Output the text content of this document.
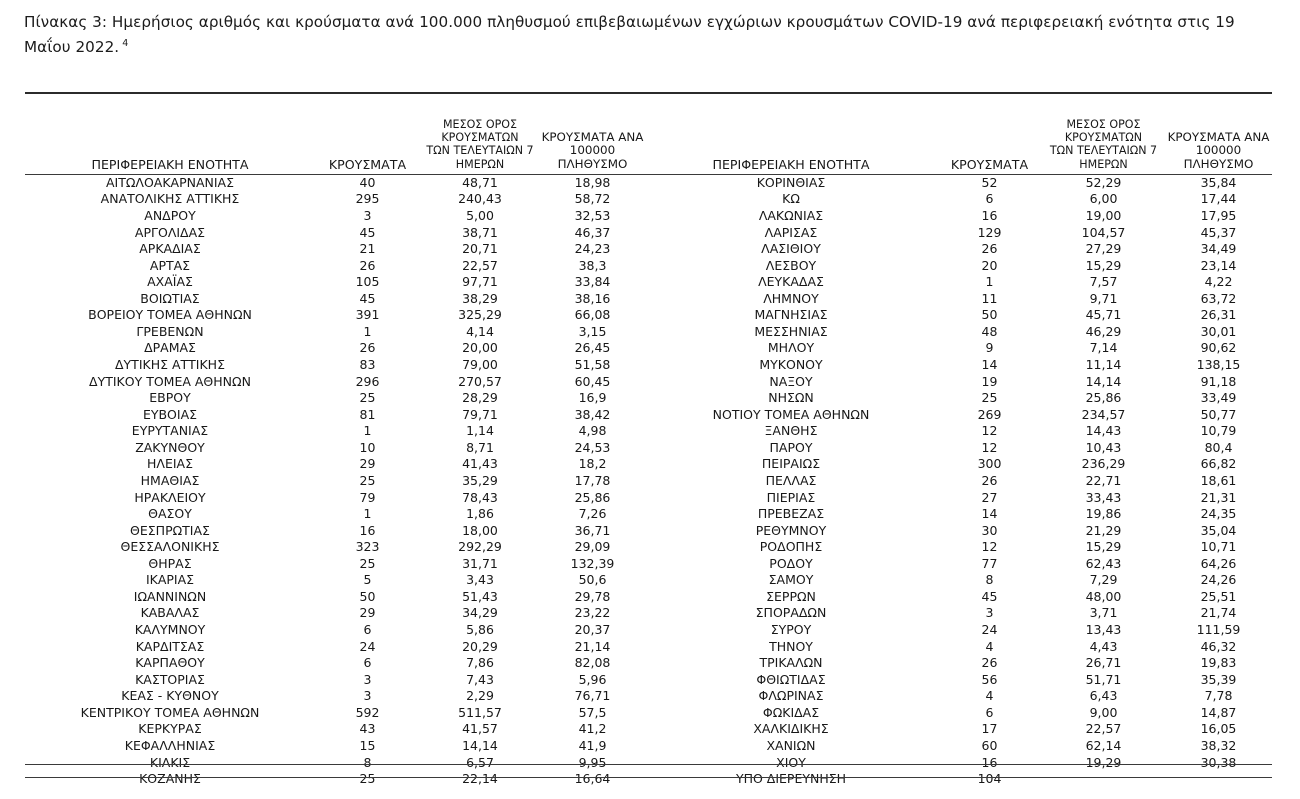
Πίνακας 3: Ημερήσιος αριθμός και κρούσματα ανά 100.000 πληθυσμού επιβεβαιωμένων εγχώριων κρουσμάτων COVID-19 ανά περιφερειακή ενότητα στις 19 Μαΐου 2022. $^4$
ΠΕΡΙΦΕΡΕΙΑΚΗ ΕΝΟΤΗΤΑ	ΚΡΟΥΣΜΑΤΑ	ΜΕΣΟΣ ΟΡΟΣ ΚΡΟΥΣΜΑΤΩΝ
ΤΩΝ ΤΕΛΕΥΤΑΙΩΝ 7 ΗΜΕΡΩΝ	ΚΡΟΥΣΜΑΤΑ ΑΝΑ 100000
ΠΛΗΘΥΣΜΟ
ΑΙΤΩΛΟΑΚΑΡΝΑΝΙΑΣ	40	48,71	18,98
ΑΝΑΤΟΛΙΚΗΣ ΑΤΤΙΚΗΣ	295	240,43	58,72
ΑΝΔΡΟΥ	3	5,00	32,53
ΑΡΓΟΛΙΔΑΣ	45	38,71	46,37
ΑΡΚΑΔΙΑΣ	21	20,71	24,23
ΑΡΤΑΣ	26	22,57	38,3
ΑΧΑΪΑΣ	105	97,71	33,84
ΒΟΙΩΤΙΑΣ	45	38,29	38,16
ΒΟΡΕΙΟΥ ΤΟΜΕΑ ΑΘΗΝΩΝ	391	325,29	66,08
ΓΡΕΒΕΝΩΝ	1	4,14	3,15
ΔΡΑΜΑΣ	26	20,00	26,45
ΔΥΤΙΚΗΣ ΑΤΤΙΚΗΣ	83	79,00	51,58
ΔΥΤΙΚΟΥ ΤΟΜΕΑ ΑΘΗΝΩΝ	296	270,57	60,45
ΕΒΡΟΥ	25	28,29	16,9
ΕΥΒΟΙΑΣ	81	79,71	38,42
ΕΥΡΥΤΑΝΙΑΣ	1	1,14	4,98
ΖΑΚΥΝΘΟΥ	10	8,71	24,53
ΗΛΕΙΑΣ	29	41,43	18,2
ΗΜΑΘΙΑΣ	25	35,29	17,78
ΗΡΑΚΛΕΙΟΥ	79	78,43	25,86
ΘΑΣΟΥ	1	1,86	7,26
ΘΕΣΠΡΩΤΙΑΣ	16	18,00	36,71
ΘΕΣΣΑΛΟΝΙΚΗΣ	323	292,29	29,09
ΘΗΡΑΣ	25	31,71	132,39
ΙΚΑΡΙΑΣ	5	3,43	50,6
ΙΩΑΝΝΙΝΩΝ	50	51,43	29,78
ΚΑΒΑΛΑΣ	29	34,29	23,22
ΚΑΛΥΜΝΟΥ	6	5,86	20,37
ΚΑΡΔΙΤΣΑΣ	24	20,29	21,14
ΚΑΡΠΑΘΟΥ	6	7,86	82,08
ΚΑΣΤΟΡΙΑΣ	3	7,43	5,96
ΚΕΑΣ - ΚΥΘΝΟΥ	3	2,29	76,71
ΚΕΝΤΡΙΚΟΥ ΤΟΜΕΑ ΑΘΗΝΩΝ	592	511,57	57,5
ΚΕΡΚΥΡΑΣ	43	41,57	41,2
ΚΕΦΑΛΛΗΝΙΑΣ	15	14,14	41,9
ΚΙΛΚΙΣ	8	6,57	9,95
ΚΟΖΑΝΗΣ	25	22,14	16,64
ΠΕΡΙΦΕΡΕΙΑΚΗ ΕΝΟΤΗΤΑ	ΚΡΟΥΣΜΑΤΑ	ΜΕΣΟΣ ΟΡΟΣ ΚΡΟΥΣΜΑΤΩΝ
ΤΩΝ ΤΕΛΕΥΤΑΙΩΝ 7 ΗΜΕΡΩΝ	ΚΡΟΥΣΜΑΤΑ ΑΝΑ 100000
ΠΛΗΘΥΣΜΟ
ΚΟΡΙΝΘΙΑΣ	52	52,29	35,84
ΚΩ	6	6,00	17,44
ΛΑΚΩΝΙΑΣ	16	19,00	17,95
ΛΑΡΙΣΑΣ	129	104,57	45,37
ΛΑΣΙΘΙΟΥ	26	27,29	34,49
ΛΕΣΒΟΥ	20	15,29	23,14
ΛΕΥΚΑΔΑΣ	1	7,57	4,22
ΛΗΜΝΟΥ	11	9,71	63,72
ΜΑΓΝΗΣΙΑΣ	50	45,71	26,31
ΜΕΣΣΗΝΙΑΣ	48	46,29	30,01
ΜΗΛΟΥ	9	7,14	90,62
ΜΥΚΟΝΟΥ	14	11,14	138,15
ΝΑΞΟΥ	19	14,14	91,18
ΝΗΣΩΝ	25	25,86	33,49
ΝΟΤΙΟΥ ΤΟΜΕΑ ΑΘΗΝΩΝ	269	234,57	50,77
ΞΑΝΘΗΣ	12	14,43	10,79
ΠΑΡΟΥ	12	10,43	80,4
ΠΕΙΡΑΙΩΣ	300	236,29	66,82
ΠΕΛΛΑΣ	26	22,71	18,61
ΠΙΕΡΙΑΣ	27	33,43	21,31
ΠΡΕΒΕΖΑΣ	14	19,86	24,35
ΡΕΘΥΜΝΟΥ	30	21,29	35,04
ΡΟΔΟΠΗΣ	12	15,29	10,71
ΡΟΔΟΥ	77	62,43	64,26
ΣΑΜΟΥ	8	7,29	24,26
ΣΕΡΡΩΝ	45	48,00	25,51
ΣΠΟΡΑΔΩΝ	3	3,71	21,74
ΣΥΡΟΥ	24	13,43	111,59
ΤΗΝΟΥ	4	4,43	46,32
ΤΡΙΚΑΛΩΝ	26	26,71	19,83
ΦΘΙΩΤΙΔΑΣ	56	51,71	35,39
ΦΛΩΡΙΝΑΣ	4	6,43	7,78
ΦΩΚΙΔΑΣ	6	9,00	14,87
ΧΑΛΚΙΔΙΚΗΣ	17	22,57	16,05
ΧΑΝΙΩΝ	60	62,14	38,32
ΧΙΟΥ	16	19,29	30,38
ΥΠΟ ΔΙΕΡΕΥΝΗΣΗ	104		
